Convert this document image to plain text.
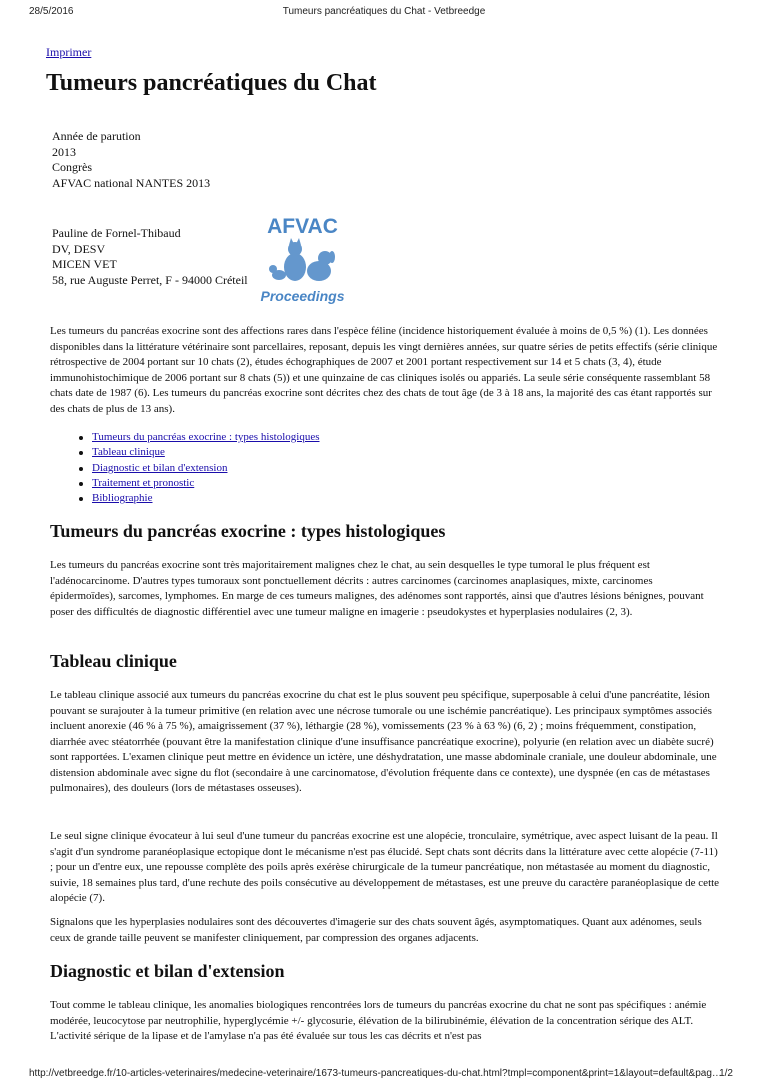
28/5/2016	Tumeurs pancréatiques du Chat - Vetbreedge
Imprimer
Tumeurs pancréatiques du Chat
Année de parution
2013
Congrès
AFVAC national NANTES 2013
Pauline de Fornel-Thibaud
DV, DESV
MICEN VET
58, rue Auguste Perret, F - 94000 Créteil
AFVAC
Proceedings

Les tumeurs du pancréas exocrine sont des affections rares dans l'espèce féline (incidence historiquement évaluée à moins de 0,5 %) (1). Les données disponibles dans la littérature vétérinaire sont parcellaires, reposant, depuis les vingt dernières années, sur quatre séries de petits effectifs (série clinique rétrospective de 2004 portant sur 10 chats (2), études échographiques de 2007 et 2001 portant respectivement sur 14 et 5 chats (3, 4), étude immunohistochimique de 2006 portant sur 8 chats (5)) et une quinzaine de cas cliniques isolés ou appariés. La seule série conséquente rassemblant 58 chats date de 1987 (6). Les tumeurs du pancréas exocrine sont décrites chez des chats de tout âge (de 3 à 18 ans, la majorité des cas étant rapportés sur des chats de plus de 13 ans).

Tumeurs du pancréas exocrine : types histologiques
Tableau clinique
Diagnostic et bilan d'extension
Traitement et pronostic
Bibliographie
Tumeurs du pancréas exocrine : types histologiques

Les tumeurs du pancréas exocrine sont très majoritairement malignes chez le chat, au sein desquelles le type tumoral le plus fréquent est l'adénocarcinome. D'autres types tumoraux sont ponctuellement décrits : autres carcinomes (carcinomes anaplasiques, mixte, carcinomes épidermoïdes), sarcomes, lymphomes. En marge de ces tumeurs malignes, des adénomes sont rapportés, ainsi que d'autres lésions bénignes, pouvant poser des difficultés de diagnostic différentiel avec une tumeur maligne en imagerie : pseudokystes et hyperplasies nodulaires (2, 3).

Tableau clinique

Le tableau clinique associé aux tumeurs du pancréas exocrine du chat est le plus souvent peu spécifique, superposable à celui d'une pancréatite, lésion pouvant se surajouter à la tumeur primitive (en relation avec une nécrose tumorale ou une ischémie pancréatique). Les principaux symptômes associés incluent anorexie (46 % à 75 %), amaigrissement (37 %), léthargie (28 %), vomissements (23 % à 63 %) (6, 2) ; moins fréquemment, constipation, diarrhée avec stéatorrhée (pouvant être la manifestation clinique d'une insuffisance pancréatique exocrine), polyurie (en relation avec un diabète sucré) sont rapportées. L'examen clinique peut mettre en évidence un ictère, une déshydratation, une masse abdominale craniale, une douleur abdominale, une distension abdominale avec signe du flot (secondaire à une carcinomatose, d'évolution fréquente dans ce contexte), une dyspnée (en cas de métastases pulmonaires), des douleurs (lors de métastases osseuses).

Le seul signe clinique évocateur à lui seul d'une tumeur du pancréas exocrine est une alopécie, tronculaire, symétrique, avec aspect luisant de la peau. Il s'agit d'un syndrome paranéoplasique ectopique dont le mécanisme n'est pas élucidé. Sept chats sont décrits dans la littérature avec cette alopécie (7-11) ; pour un d'entre eux, une repousse complète des poils après exérèse chirurgicale de la tumeur pancréatique, non métastasée au moment du diagnostic, suivie, 18 semaines plus tard, d'une rechute des poils consécutive au développement de métastases, est une preuve du caractère paranéoplasique de cette alopécie (7).

Signalons que les hyperplasies nodulaires sont des découvertes d'imagerie sur des chats souvent âgés, asymptomatiques. Quant aux adénomes, seuls ceux de grande taille peuvent se manifester cliniquement, par compression des organes adjacents.

Diagnostic et bilan d'extension

Tout comme le tableau clinique, les anomalies biologiques rencontrées lors de tumeurs du pancréas exocrine du chat ne sont pas spécifiques : anémie modérée, leucocytose par neutrophilie, hyperglycémie +/- glycosurie, élévation de la bilirubinémie, élévation de la concentration sérique des ALT. L'activité sérique de la lipase et de l'amylase n'a pas été évaluée sur tous les cas décrits et n'est pas

http://vetbreedge.fr/10-articles-veterinaires/medecine-veterinaire/1673-tumeurs-pancreatiques-du-chat.html?tmpl=component&print=1&layout=default&pag…
1/2
